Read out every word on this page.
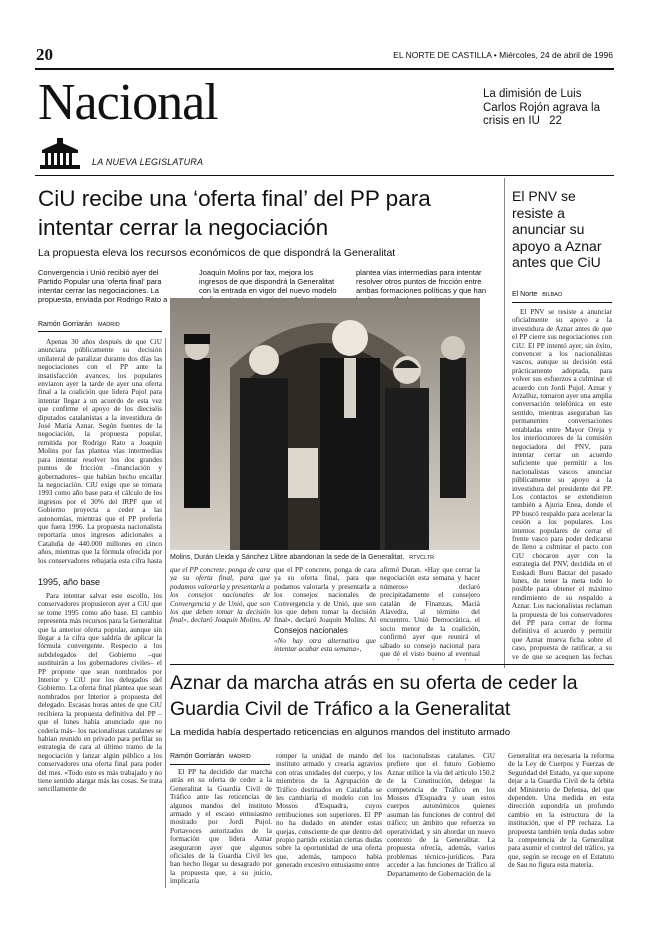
20	EL NORTE DE CASTILLA • Miércoles, 24 de abril de 1996
Nacional	La dimisión de Luis Carlos Rojón agrava la crisis en IU 22
LA NUEVA LEGISLATURA
CiU recibe una ‘oferta final’ del PP para intentar cerrar la negociación
La propuesta eleva los recursos económicos de que dispondrá la Generalitat
Convergencia i Unió recibió ayer del Partido Popular una ‘oferta final’ para intentar cerrar las negociaciones. La propuesta, enviada por Rodrigo Rato a
Joaquín Molins por fax, mejora los ingresos de que dispondrá la Generalitat con la entrada en vigor del nuevo modelo
plantea vías intermedias para intentar resolver otros puntos de fricción entre ambas formaciones políticas y que han
Ramón Gorriarán MADRID
Apenas 30 años después de que CiU anunciara públicamente su decisión unilateral de paralizar durante dos días las negociaciones con el PP ante la insatisfacción avances, los populares enviaron ayer la tarde de ayer una oferta final a la coalición que lidera Pujol para intentar llegar a un acuerdo de esta vez que confirme el apoyo de los dieciséis diputados catalanistas a la investidura de José María Aznar. Según fuentes de la negociación, la propuesta popular, remitida por Rodrigo Rato a Joaquín Molins por fax plantea vías intermedias para intentar resolver los dos grandes puntos de fricción –financiación y gobernadores– que habían hecho encallar la negociación. CiU exige que se tomara 1993 como año base para el cálculo de los ingresos por el 30% del IRPF que el Gobierno proyecta a ceder a las autonomías, mientras que el PP prefería que fuera 1996. La propuesta nacionalista reportaría unos ingresos adicionales a Cataluña de 440.000 millones en cinco años, mientras que la fórmula ofrecida por los conservadores rebajaría esta cifra hasta
1995, año base
Para intentar salvar este escollo, los conservadores propusieron ayer a CiU que se tome 1995 como año base. El cambio representa más recursos para la Generalitat que la anterior oferta popular, aunque sin llegar a la cifra que saldría de aplicar la fórmula convergente. Respecto a los subdelegados del Gobierno –que sustituirán a los gobernadores civiles– el PP propone que sean nombrados por Interior y CiU por los delegados del Gobierno. La oferta final plantea que sean nombrados por Interior a propuesta del delegado. Escasas horas antes de que CiU recibiera la propuesta definitiva del PP –que el lunes había anunciado que no cedería más– los nacionalistas catalanes se habían reunido en privado para perfilar su estrategia de cara al último tramo de la negociación y lanzar algún público a los conservadores una oferta final para poder del mes. «Todo esto es más trabajado y no tiene sentido alargar más las cosas. Se trata sencillamente de
Molins, Durán Lleida y Sánchez Llibre abandonan la sede de la Generalitat. RTVCLTR
que el PP concrete, ponga de cara ya su oferta final, para que podamos valorarla y presentarla a los consejos nacionales de Convergencia y de Unió, que son los que deben tomar la decisión final», declaró Joaquín Molins. Al
que el PP concrete, ponga de cara ya su oferta final, para que podamos valorarla y presentarla a los consejos nacionales de Convergencia y de Unió, que son los que deben tomar la decisión final», declaró Joaquín Molins. Al
Consejos nacionales
«No hay otra alternativa que intentar acabar esta semana»,
afirmó Duran. «Hay que cerrar la negociación esta semana y hacer números» declaró precipitadamente el consejero catalán de Finanzas, Macià Alavedra, al término del encuentro. Unió Democràtica, el socio menor de la coalición, confirmó ayer que reunirá el sábado su consejo nacional para que dé el visto bueno al eventual
El PNV se resiste a anunciar su apoyo a Aznar antes que CiU
El Norte BILBAO
El PNV se resiste a anunciar oficialmente su apoyo a la investidura de Aznar antes de que el PP cierre sus negociaciones con CiU. El PP intentó ayer, sin éxito, convencer a los nacionalistas vascos, aunque su decisión está prácticamente adoptada, para volver sus esfuerzos a culminar el acuerdo con Jordi Pujol. Aznar y Arzalluz, tomaron ayer una amplia conversación telefónica en este sentido, mientras aseguraban las permanentes conversaciones entabladas entre Mayor Oreja y los interlocutores de la comisión negociadora del PNV, para intentar cerrar un acuerdo suficiente que permitir a los nacionalistas vascos anunciar públicamente su apoyo a la investidura del presidente del PP. Los contactos se extendieron también a Ajuria Enea, donde el PP buscó respaldo para acelerar la cesión a los populares. Los intentos populares de cerrar el frente vasco para poder dedicarse de lleno a culminar el pacto con CiU chocaron ayer con la estrategia del PNV, decidida en el Euskadi Buru Batzar del pasado lunes, de tener la meta todo lo posible para obtener el máximo rendimiento de su respaldo a Aznar. Los nacionalistas reclaman la propuesta de los conservadores del PP para cerrar de forma definitiva el acuerdo y permitir que Aznar mueva ficha sobre el caso, propuesta de ratificar, a su ve de que se acequen las fechas
Aznar da marcha atrás en su oferta de ceder la Guardia Civil de Tráfico a la Generalitat
La medida había despertado reticencias en algunos mandos del instituto armado
Ramón Gorriarán MADRID
El PP ha decidido dar marcha atrás en su oferta de ceder a la Generalitat la Guardia Civil de Tráfico ante las reticencias de algunos mandos del instituto armado y el escaso entusiasmo mostrado por Jordi Pujol. Portavoces autorizados de la formación que lidera Aznar aseguraron ayer que algunos oficiales de la Guardia Civil les han hecho llegar su desagrado por la propuesta que, a su juicio, implicaría
romper la unidad de mando del instituto armado y crearía agravios con otras unidades del cuerpo, y los miembros de la Agrupación de Tráfico destinados en Cataluña se les cambiaría el modelo con los Mossos d'Esquadra, cuyos retribuciones son superiores. El PP no ha dudado en atender estas quejas, consciente de que dentro del propio partido existían ciertas dudas sobre la oportunidad de una oferta que, además, tampoco había generado excesivo entusiasmo entre
los nacionalistas catalanes. CiU prefiere que el futuro Gobierno Aznar utilice la vía del artículo 150.2 de la Constitución, delegue la competencia de Tráfico en los Mossos d'Esquadra y sean estos cuerpos autonómicos quienes asuman las funciones de control del tráfico; un ámbito que refuerza su operatividad, y sin abordar un nuevo contexto de la Generalitat. La propuesta ofrecía, además, varios problemas técnico-jurídicos. Para acceder a las funciones de Tráfico al Departamento de Gobernación de la
Generalitat era necesaria la reforma de la Ley de Cuerpos y Fuerzas de Seguridad del Estado, ya que supone dejar a la Guardia Civil de la órbita del Ministerio de Defensa, del que dependen. Una medida en esta dirección supondría un profundo cambio en la estructura de la institución, que el PP rechaza. La propuesta también tenía dudas sobre la competencia de la Generalitat para asumir el control del tráfico, ya que, según se recoge en el Estatuto de Sau no figura esta materia.
